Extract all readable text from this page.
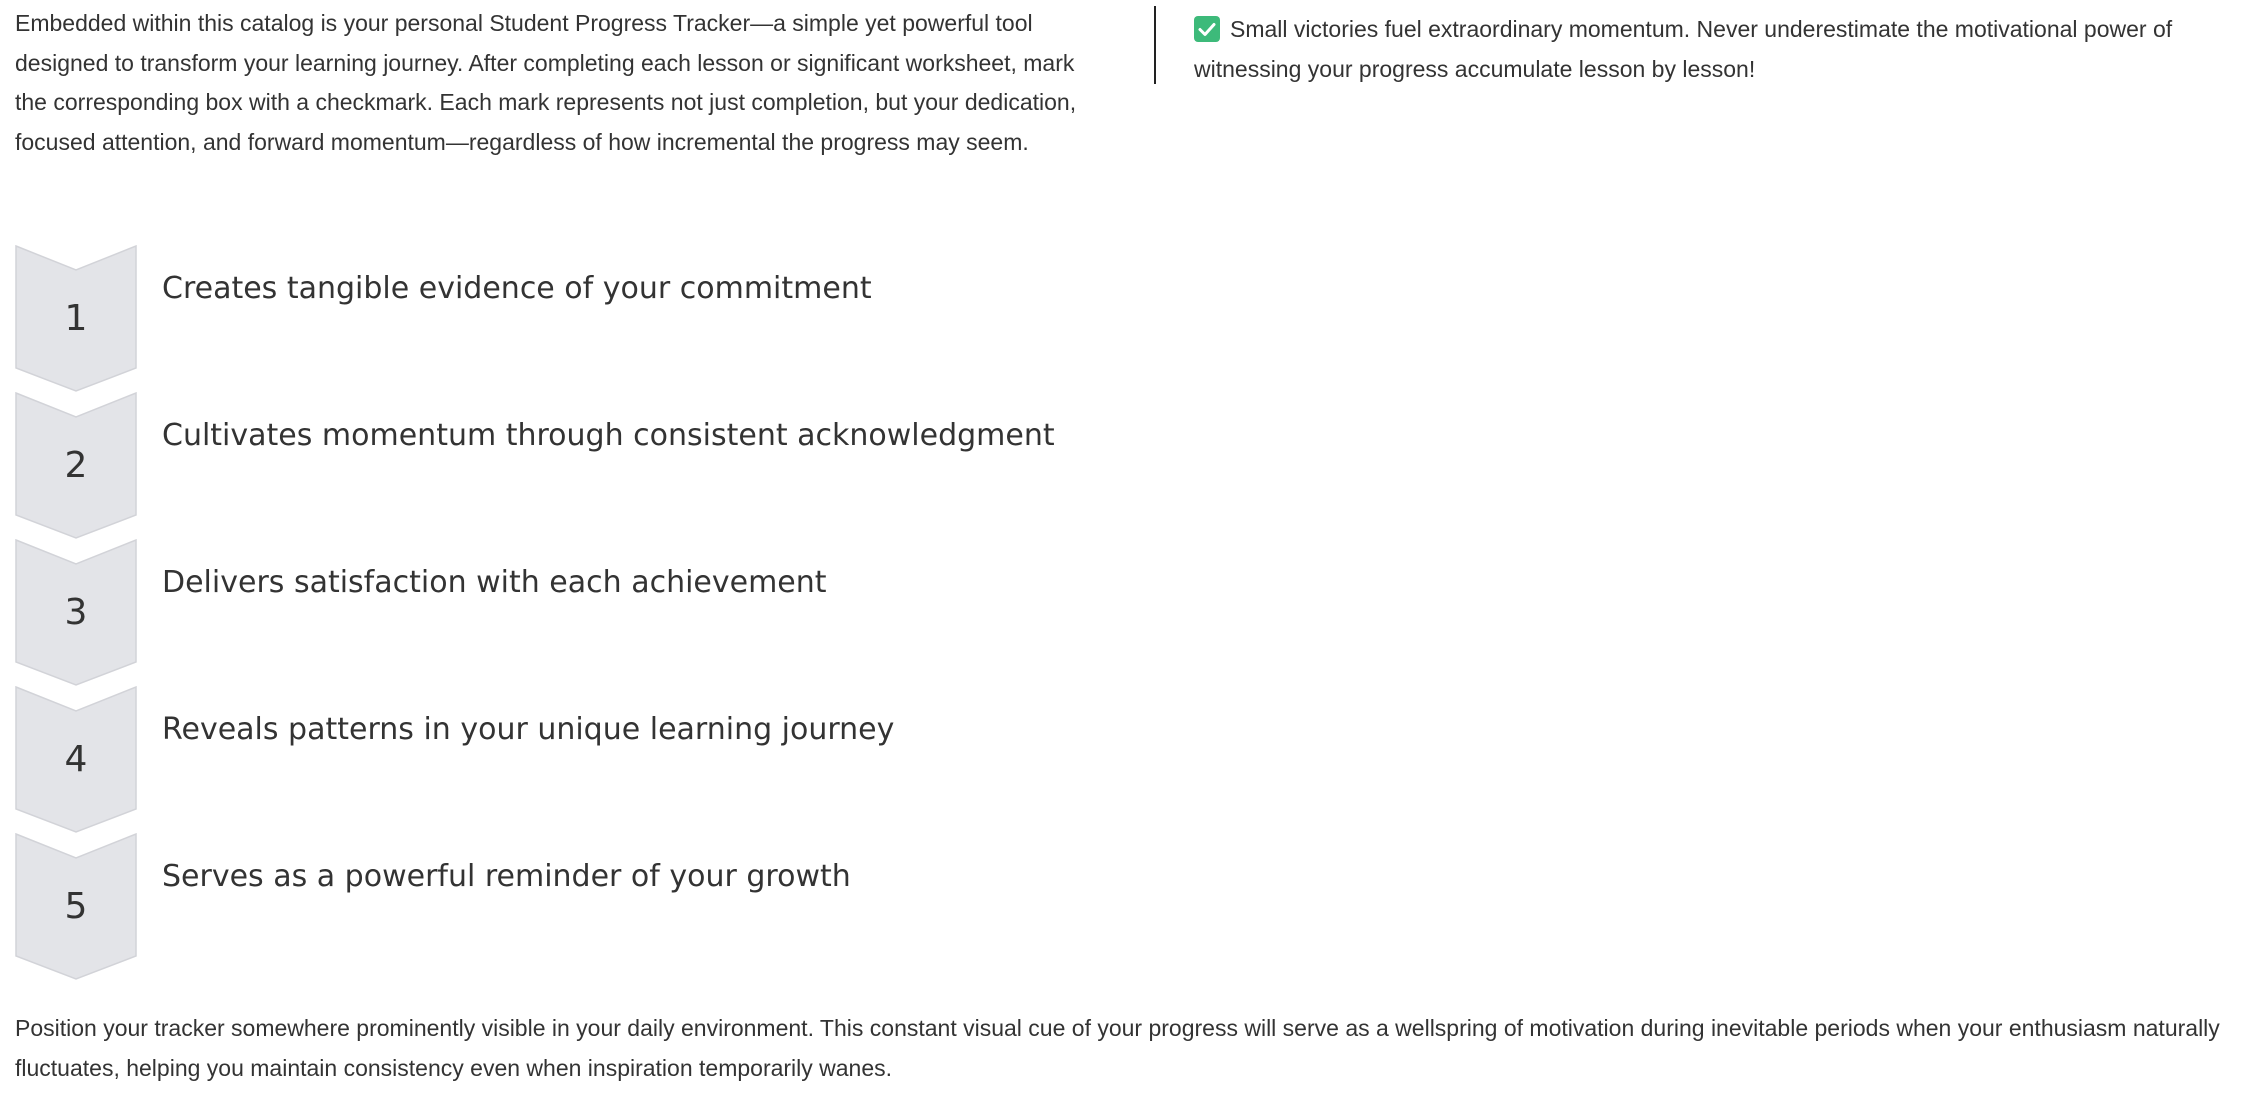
Embedded within this catalog is your personal Student Progress Tracker—a simple yet powerful tool designed to transform your learning journey. After completing each lesson or significant worksheet, mark the corresponding box with a checkmark. Each mark represents not just completion, but your dedication, focused attention, and forward momentum—regardless of how incremental the progress may seem.

Small victories fuel extraordinary momentum. Never underestimate the motivational power of witnessing your progress accumulate lesson by lesson!

1
Creates tangible evidence of your commitment
2
Cultivates momentum through consistent acknowledgment
3
Delivers satisfaction with each achievement
4
Reveals patterns in your unique learning journey
5
Serves as a powerful reminder of your growth

Position your tracker somewhere prominently visible in your daily environment. This constant visual cue of your progress will serve as a wellspring of motivation during inevitable periods when your enthusiasm naturally fluctuates, helping you maintain consistency even when inspiration temporarily wanes.
